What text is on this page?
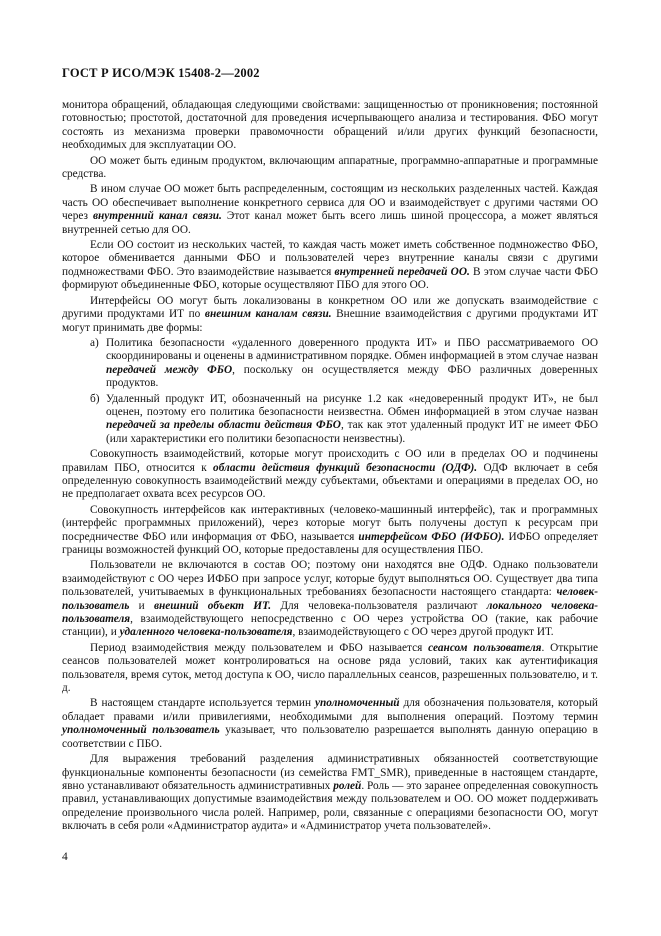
ГОСТ Р ИСО/МЭК 15408-2—2002

монитора обращений, обладающая следующими свойствами: защищенностью от проникновения; постоянной готовностью; простотой, достаточной для проведения исчерпывающего анализа и тестирования. ФБО могут состоять из механизма проверки правомочности обращений и/или других функций безопасности, необходимых для эксплуатации ОО.

ОО может быть единым продуктом, включающим аппаратные, программно-аппаратные и программные средства.

В ином случае ОО может быть распределенным, состоящим из нескольких разделенных частей. Каждая часть ОО обеспечивает выполнение конкретного сервиса для ОО и взаимодействует с другими частями ОО через внутренний канал связи. Этот канал может быть всего лишь шиной процессора, а может являться внутренней сетью для ОО.

Если ОО состоит из нескольких частей, то каждая часть может иметь собственное подмножество ФБО, которое обменивается данными ФБО и пользователей через внутренние каналы связи с другими подмножествами ФБО. Это взаимодействие называется внутренней передачей ОО. В этом случае части ФБО формируют объединенные ФБО, которые осуществляют ПБО для этого ОО.

Интерфейсы ОО могут быть локализованы в конкретном ОО или же допускать взаимодействие с другими продуктами ИТ по внешним каналам связи. Внешние взаимодействия с другими продуктами ИТ могут принимать две формы:

а) Политика безопасности «удаленного доверенного продукта ИТ» и ПБО рассматриваемого ОО скоординированы и оценены в административном порядке. Обмен информацией в этом случае назван передачей между ФБО, поскольку он осуществляется между ФБО различных доверенных продуктов.

б) Удаленный продукт ИТ, обозначенный на рисунке 1.2 как «недоверенный продукт ИТ», не был оценен, поэтому его политика безопасности неизвестна. Обмен информацией в этом случае назван передачей за пределы области действия ФБО, так как этот удаленный продукт ИТ не имеет ФБО (или характеристики его политики безопасности неизвестны).

Совокупность взаимодействий, которые могут происходить с ОО или в пределах ОО и подчинены правилам ПБО, относится к области действия функций безопасности (ОДФ). ОДФ включает в себя определенную совокупность взаимодействий между субъектами, объектами и операциями в пределах ОО, но не предполагает охвата всех ресурсов ОО.

Совокупность интерфейсов как интерактивных (человеко-машинный интерфейс), так и программных (интерфейс программных приложений), через которые могут быть получены доступ к ресурсам при посредничестве ФБО или информация от ФБО, называется интерфейсом ФБО (ИФБО). ИФБО определяет границы возможностей функций ОО, которые предоставлены для осуществления ПБО.

Пользователи не включаются в состав ОО; поэтому они находятся вне ОДФ. Однако пользователи взаимодействуют с ОО через ИФБО при запросе услуг, которые будут выполняться ОО. Существует два типа пользователей, учитываемых в функциональных требованиях безопасности настоящего стандарта: человек-пользователь и внешний объект ИТ. Для человека-пользователя различают локального человека-пользователя, взаимодействующего непосредственно с ОО через устройства ОО (такие, как рабочие станции), и удаленного человека-пользователя, взаимодействующего с ОО через другой продукт ИТ.

Период взаимодействия между пользователем и ФБО называется сеансом пользователя. Открытие сеансов пользователей может контролироваться на основе ряда условий, таких как аутентификация пользователя, время суток, метод доступа к ОО, число параллельных сеансов, разрешенных пользователю, и т. д.

В настоящем стандарте используется термин уполномоченный для обозначения пользователя, который обладает правами и/или привилегиями, необходимыми для выполнения операций. Поэтому термин уполномоченный пользователь указывает, что пользователю разрешается выполнять данную операцию в соответствии с ПБО.

Для выражения требований разделения административных обязанностей соответствующие функциональные компоненты безопасности (из семейства FMT_SMR), приведенные в настоящем стандарте, явно устанавливают обязательность административных ролей. Роль — это заранее определенная совокупность правил, устанавливающих допустимые взаимодействия между пользователем и ОО. ОО может поддерживать определение произвольного числа ролей. Например, роли, связанные с операциями безопасности ОО, могут включать в себя роли «Администратор аудита» и «Администратор учета пользователей».

4
